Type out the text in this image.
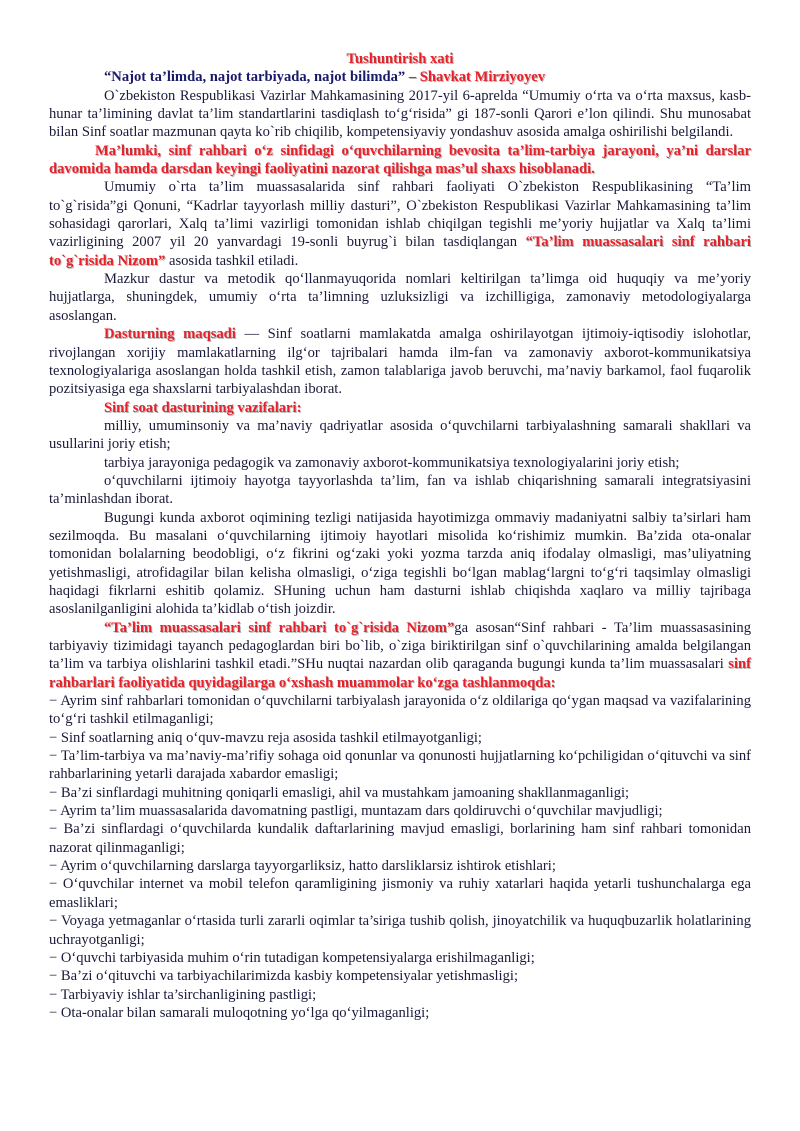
Tushuntirish xati

“Najot ta’limda, najot tarbiyada, najot bilimda” – Shavkat Mirziyoyev

O`zbekiston Respublikasi Vazirlar Mahkamasining 2017-yil 6-aprelda “Umumiy o‘rta va o‘rta maxsus, kasb-hunar ta’limining davlat ta’lim standartlarini tasdiqlash to‘g‘risida” gi 187-sonli Qarori e’lon qilindi. Shu munosabat bilan Sinf soatlar mazmunan qayta ko`rib chiqilib, kompetensiyaviy yondashuv asosida amalga oshirilishi belgilandi.

Ma’lumki, sinf rahbari o‘z sinfidagi o‘quvchilarning bevosita ta’lim-tarbiya jarayoni, ya’ni darslar davomida hamda darsdan keyingi faoliyatini nazorat qilishga mas’ul shaxs hisoblanadi.

Umumiy o`rta ta’lim muassasalarida sinf rahbari faoliyati O`zbekiston Respublikasining “Ta’lim to`g`risida”gi Qonuni, “Kadrlar tayyorlash milliy dasturi”, O`zbekiston Respublikasi Vazirlar Mahkamasining ta’lim sohasidagi qarorlari, Xalq ta’limi vazirligi tomonidan ishlab chiqilgan tegishli me’yoriy hujjatlar va Xalq ta’limi vazirligining 2007 yil 20 yanvardagi 19-sonli buyrug`i bilan tasdiqlangan “Ta’lim muassasalari sinf rahbari to`g`risida Nizom” asosida tashkil etiladi.

Mazkur dastur va metodik qo‘llanmayuqorida nomlari keltirilgan ta’limga oid huquqiy va me’yoriy hujjatlarga, shuningdek, umumiy o‘rta ta’limning uzluksizligi va izchilligiga, zamonaviy metodologiyalarga asoslangan.

Dasturning maqsadi — Sinf soatlarni mamlakatda amalga oshirilayotgan ijtimoiy-iqtisodiy islohotlar, rivojlangan xorijiy mamlakatlarning ilg‘or tajribalari hamda ilm-fan va zamonaviy axborot-kommunikatsiya texnologiyalariga asoslangan holda tashkil etish, zamon talablariga javob beruvchi, ma’naviy barkamol, faol fuqarolik pozitsiyasiga ega shaxslarni tarbiyalashdan iborat.

Sinf soat dasturining vazifalari:

milliy, umuminsoniy va ma’naviy qadriyatlar asosida o‘quvchilarni tarbiyalashning samarali shakllari va usullarini joriy etish;

tarbiya jarayoniga pedagogik va zamonaviy axborot-kommunikatsiya texnologiyalarini joriy etish;

o‘quvchilarni ijtimoiy hayotga tayyorlashda ta’lim, fan va ishlab chiqarishning samarali integratsiyasini ta’minlashdan iborat.

Bugungi kunda axborot oqimining tezligi natijasida hayotimizga ommaviy madaniyatni salbiy ta’sirlari ham sezilmoqda. Bu masalani o‘quvchilarning ijtimoiy hayotlari misolida ko‘rishimiz mumkin. Ba’zida ota-onalar tomonidan bolalarning beodobligi, o‘z fikrini og‘zaki yoki yozma tarzda aniq ifodalay olmasligi, mas’uliyatning yetishmasligi, atrofidagilar bilan kelisha olmasligi, o‘ziga tegishli bo‘lgan mablag‘largni to‘g‘ri taqsimlay olmasligi haqidagi fikrlarni eshitib qolamiz. SHuning uchun ham dasturni ishlab chiqishda xaqlaro va milliy tajribaga asoslanilganligini alohida ta’kidlab o‘tish joizdir.

“Ta’lim muassasalari sinf rahbari to`g`risida Nizom”ga asosan“Sinf rahbari - Ta’lim muassasasining tarbiyaviy tizimidagi tayanch pedagoglardan biri bo`lib, o`ziga biriktirilgan sinf o`quvchilarining amalda belgilangan ta’lim va tarbiya olishlarini tashkil etadi.”SHu nuqtai nazardan olib qaraganda bugungi kunda ta’lim muassasalari sinf rahbarlari faoliyatida quyidagilarga o‘xshash muammolar ko‘zga tashlanmoqda:

− Ayrim sinf rahbarlari tomonidan o‘quvchilarni tarbiyalash jarayonida o‘z oldilariga qo‘ygan maqsad va vazifalarining to‘g‘ri tashkil etilmaganligi;

− Sinf soatlarning aniq o‘quv-mavzu reja asosida tashkil etilmayotganligi;

− Ta’lim-tarbiya va ma’naviy-ma’rifiy sohaga oid qonunlar va qonunosti hujjatlarning ko‘pchiligidan o‘qituvchi va sinf rahbarlarining yetarli darajada xabardor emasligi;

− Ba’zi sinflardagi muhitning qoniqarli emasligi, ahil va mustahkam jamoaning shakllanmaganligi;

− Ayrim ta’lim muassasalarida davomatning pastligi, muntazam dars qoldiruvchi o‘quvchilar mavjudligi;

− Ba’zi sinflardagi o‘quvchilarda kundalik daftarlarining mavjud emasligi, borlarining ham sinf rahbari tomonidan nazorat qilinmaganligi;

− Ayrim o‘quvchilarning darslarga tayyorgarliksiz, hatto darsliklarsiz ishtirok etishlari;

− O‘quvchilar internet va mobil telefon qaramligining jismoniy va ruhiy xatarlari haqida yetarli tushunchalarga ega emasliklari;

− Voyaga yetmaganlar o‘rtasida turli zararli oqimlar ta’siriga tushib qolish, jinoyatchilik va huquqbuzarlik holatlarining uchrayotganligi;

− O‘quvchi tarbiyasida muhim o‘rin tutadigan kompetensiyalarga erishilmaganligi;

− Ba’zi o‘qituvchi va tarbiyachilarimizda kasbiy kompetensiyalar yetishmasligi;

− Tarbiyaviy ishlar ta’sirchanligining pastligi;

− Ota-onalar bilan samarali muloqotning yo‘lga qo‘yilmaganligi;
